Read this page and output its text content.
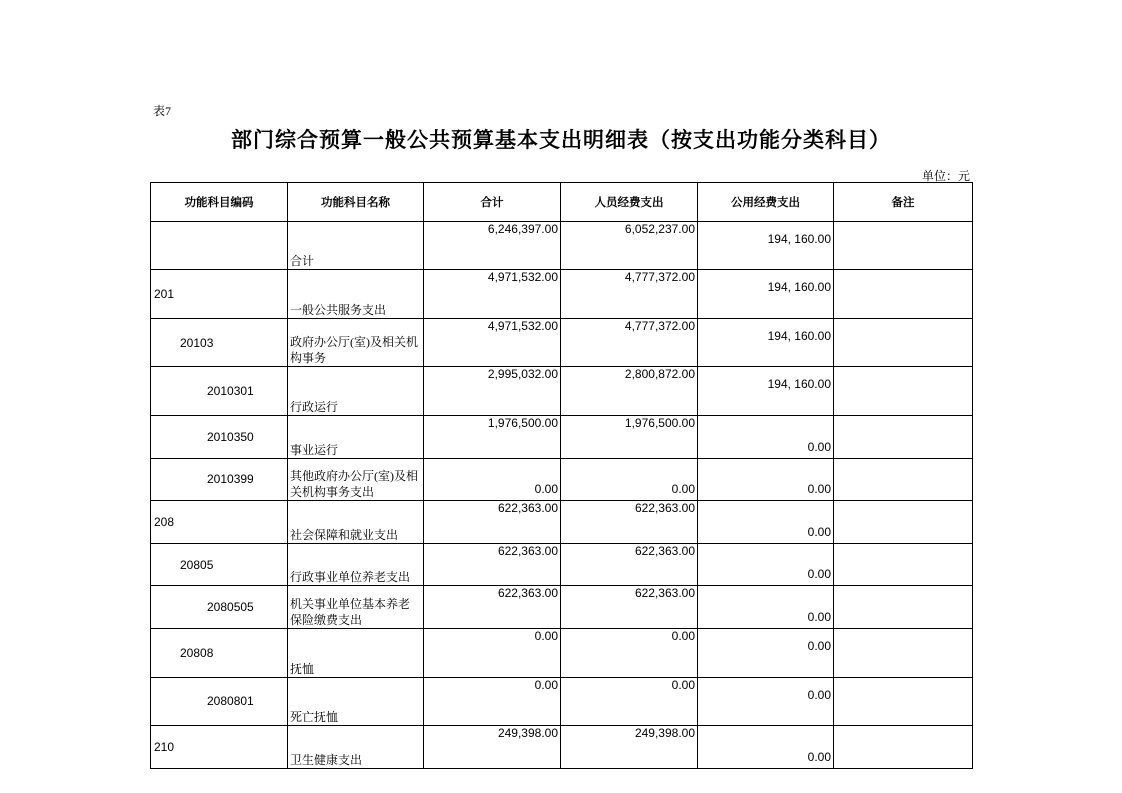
表7
部门综合预算一般公共预算基本支出明细表（按支出功能分类科目）
单位：元
功能科目编码	功能科目名称	合计	人员经费支出	公用经费支出	备注
	合计	6,246,397.00	6,052,237.00	194, 160.00	
201	一般公共服务支出	4,971,532.00	4,777,372.00	194, 160.00	
20103	政府办公厅(室)及相关机构事务	4,971,532.00	4,777,372.00	194, 160.00	
2010301	行政运行	2,995,032.00	2,800,872.00	194, 160.00	
2010350	事业运行	1,976,500.00	1,976,500.00	0.00	
2010399	其他政府办公厅(室)及相关机构事务支出	0.00	0.00	0.00	
208	社会保障和就业支出	622,363.00	622,363.00	0.00	
20805	行政事业单位养老支出	622,363.00	622,363.00	0.00	
2080505	机关事业单位基本养老保险缴费支出	622,363.00	622,363.00	0.00	
20808	抚恤	0.00	0.00	0.00	
2080801	死亡抚恤	0.00	0.00	0.00	
210	卫生健康支出	249,398.00	249,398.00	0.00	
